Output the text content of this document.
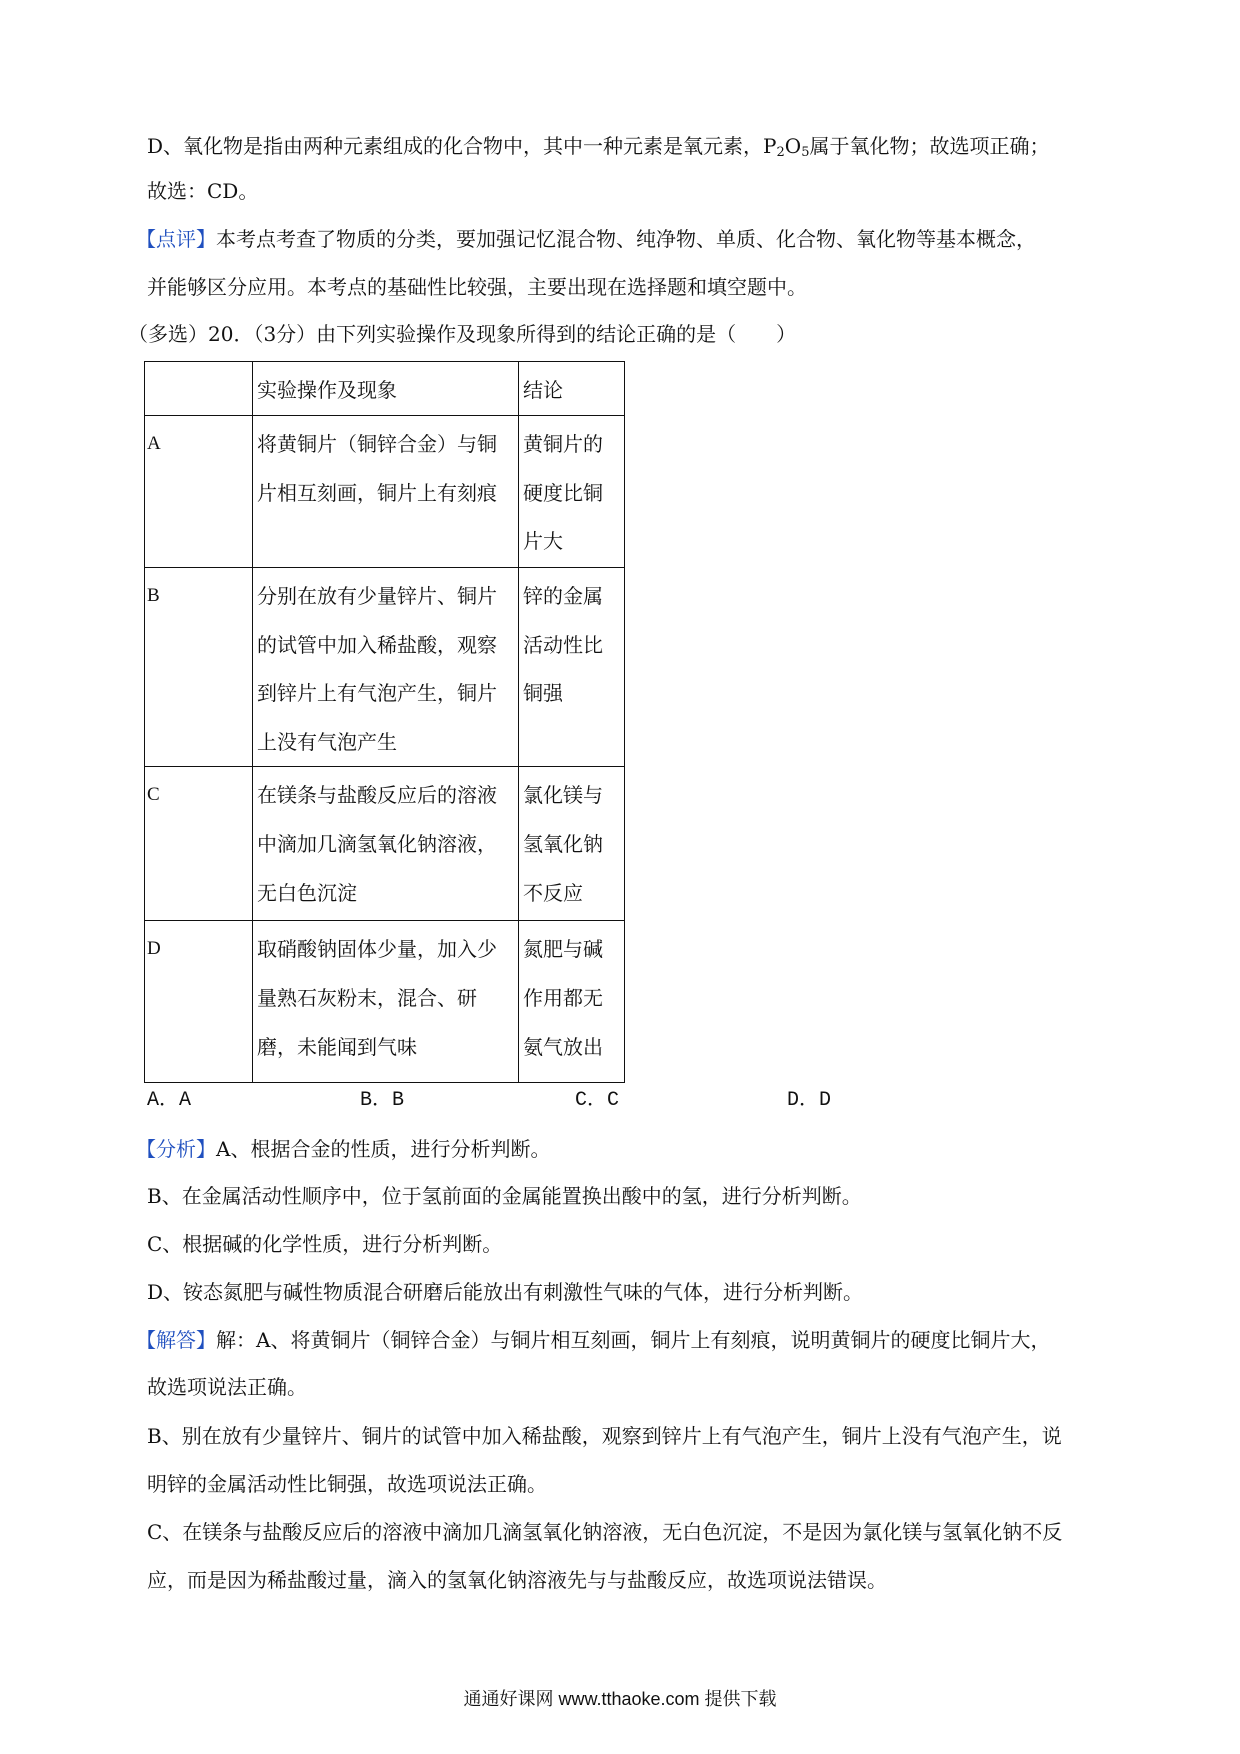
D、氧化物是指由两种元素组成的化合物中，其中一种元素是氧元素，$P_2O_5$属于氧化物；故选项正确；
故选：CD。
【点评】本考点考查了物质的分类，要加强记忆混合物、纯净物、单质、化合物、氧化物等基本概念，
并能够区分应用。本考点的基础性比较强，主要出现在选择题和填空题中。
（多选）20．（3分）由下列实验操作及现象所得到的结论正确的是（　　）
	实验操作及现象	结论
A	将黄铜片（铜锌合金）与铜片相互刻画，铜片上有刻痕	黄铜片的硬度比铜片大
B	分别在放有少量锌片、铜片的试管中加入稀盐酸，观察到锌片上有气泡产生，铜片上没有气泡产生	锌的金属活动性比铜强
C	在镁条与盐酸反应后的溶液中滴加几滴氢氧化钠溶液，无白色沉淀	氯化镁与氢氧化钠不反应
D	取硝酸钠固体少量，加入少量熟石灰粉末，混合、研磨，未能闻到气味	氮肥与碱作用都无氨气放出
A．A	B．B	C．C	D．D
【分析】A、根据合金的性质，进行分析判断。
B、在金属活动性顺序中，位于氢前面的金属能置换出酸中的氢，进行分析判断。
C、根据碱的化学性质，进行分析判断。
D、铵态氮肥与碱性物质混合研磨后能放出有刺激性气味的气体，进行分析判断。
【解答】解：A、将黄铜片（铜锌合金）与铜片相互刻画，铜片上有刻痕，说明黄铜片的硬度比铜片大，
故选项说法正确。
B、别在放有少量锌片、铜片的试管中加入稀盐酸，观察到锌片上有气泡产生，铜片上没有气泡产生，说
明锌的金属活动性比铜强，故选项说法正确。
C、在镁条与盐酸反应后的溶液中滴加几滴氢氧化钠溶液，无白色沉淀，不是因为氯化镁与氢氧化钠不反
应，而是因为稀盐酸过量，滴入的氢氧化钠溶液先与与盐酸反应，故选项说法错误。
通通好课网 www.tthaoke.com 提供下载
